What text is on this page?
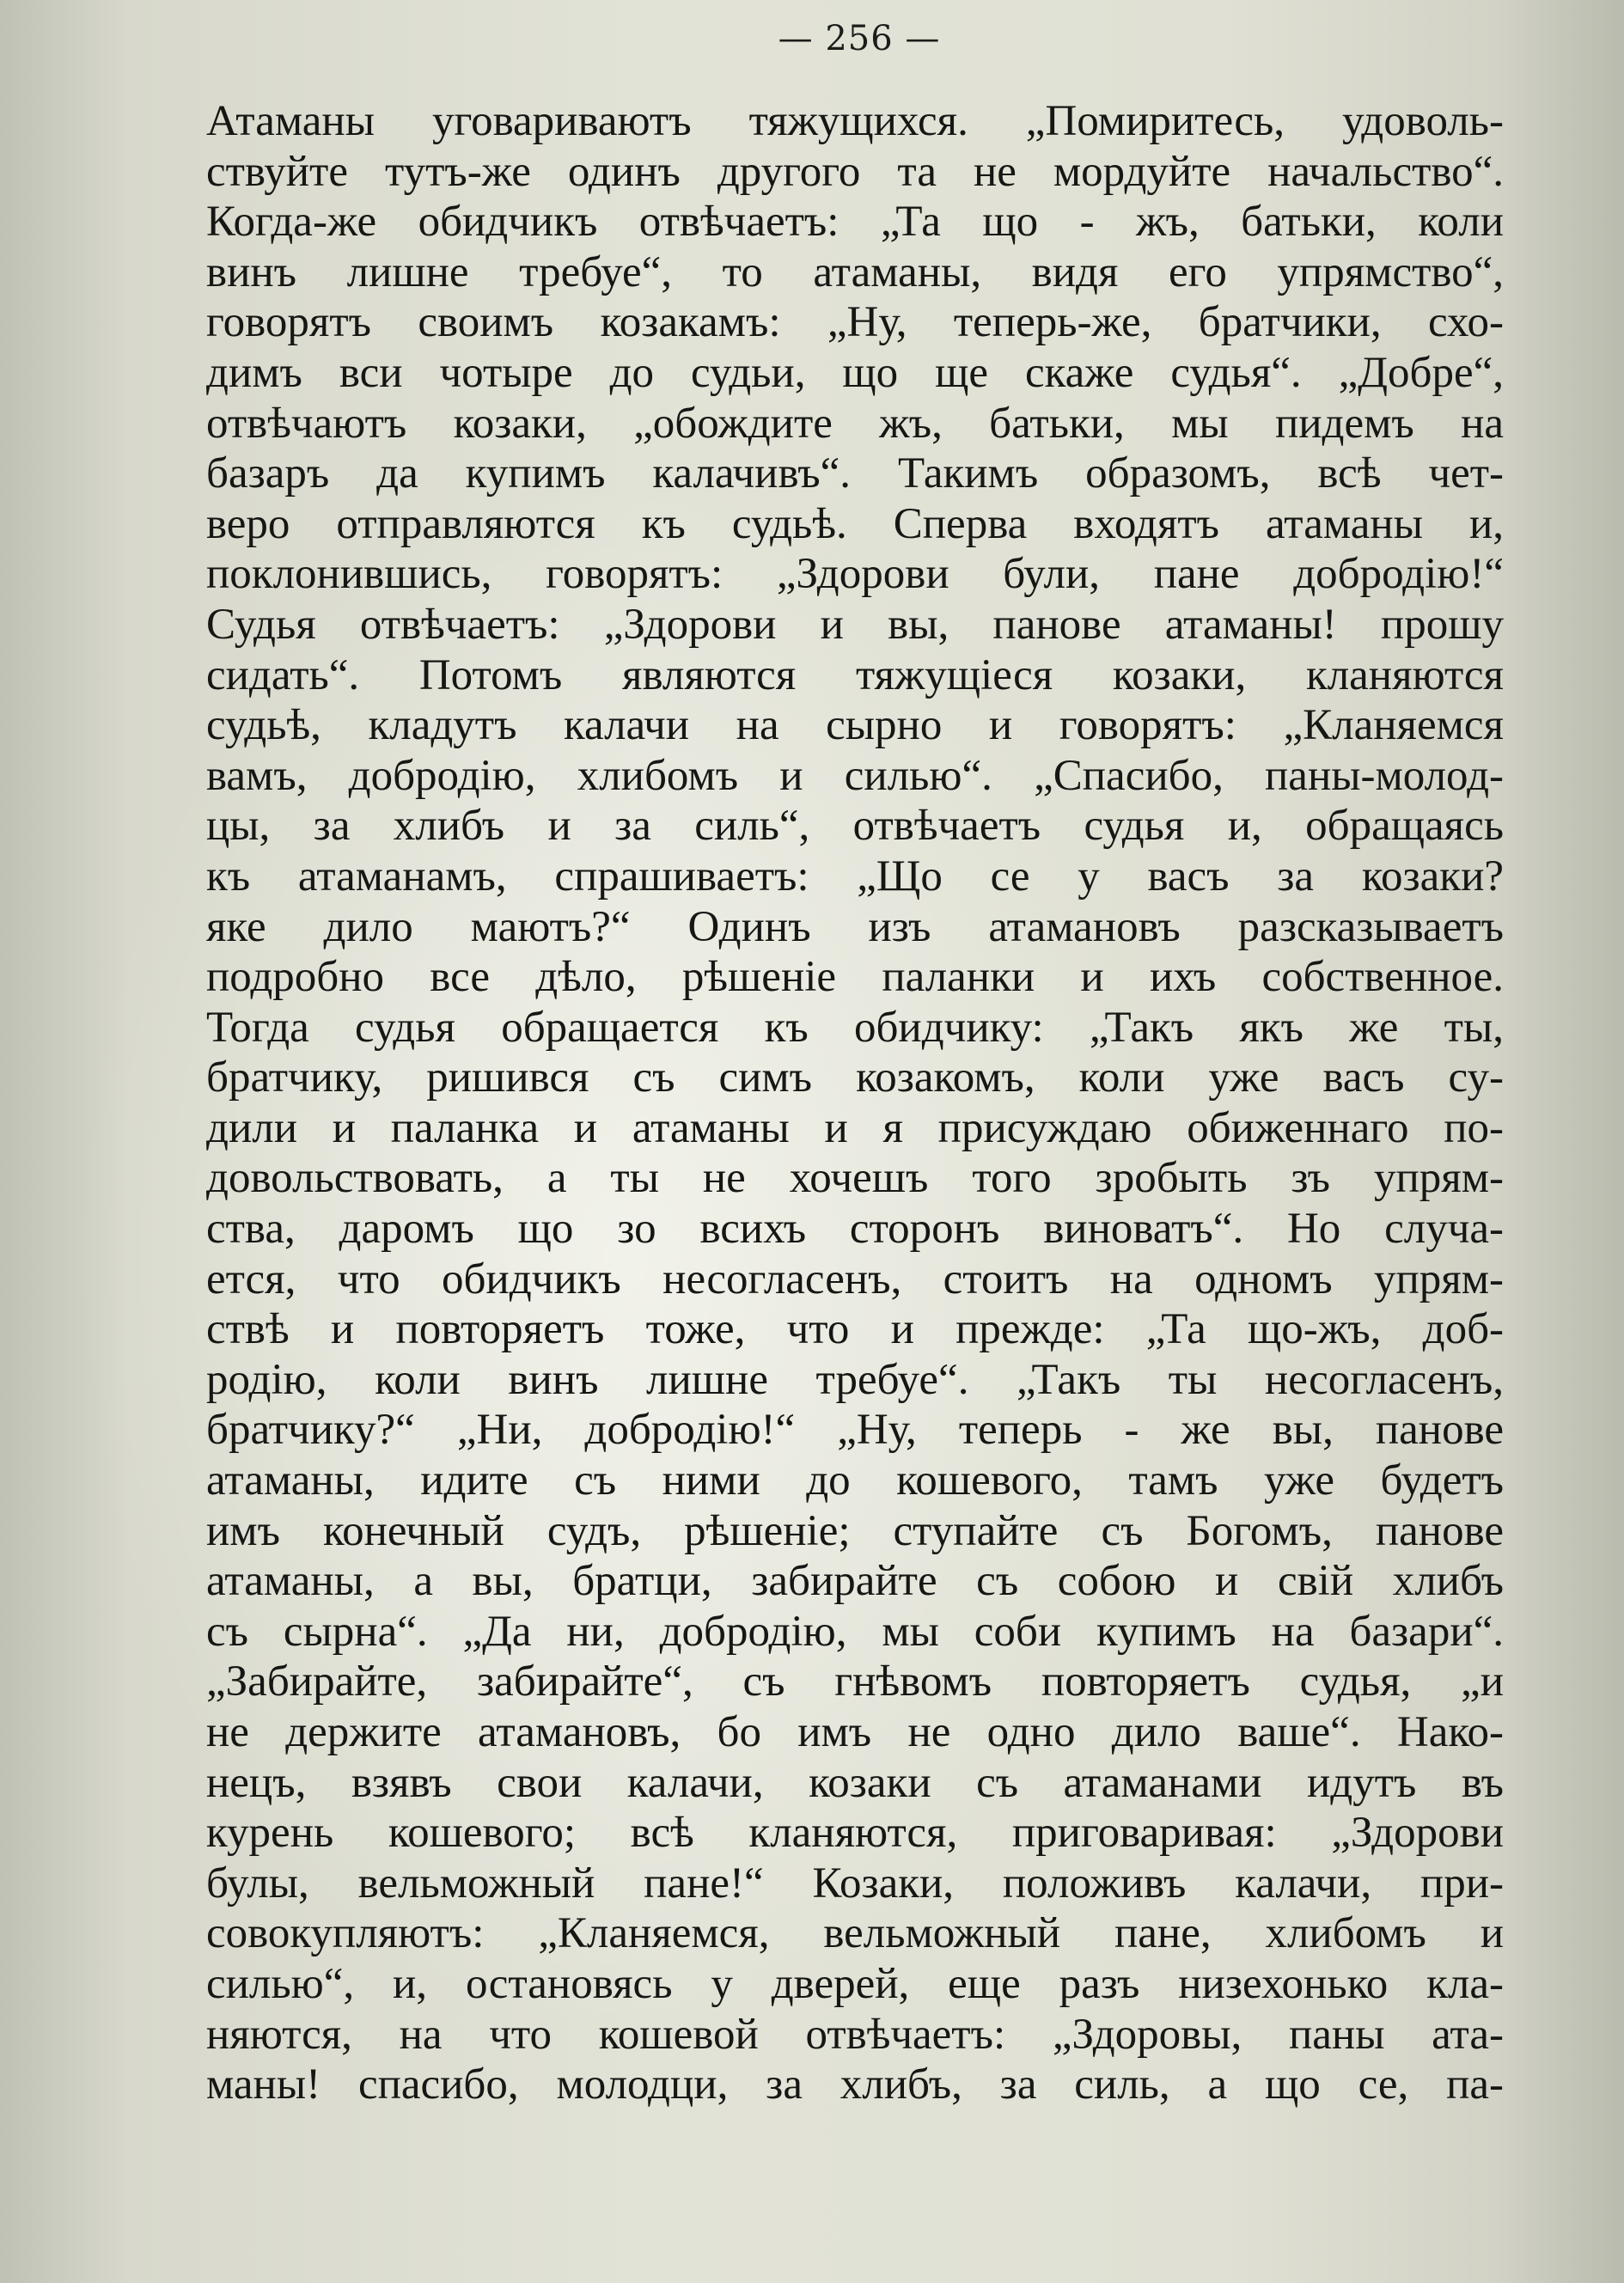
— 256 —
Атаманы уговариваютъ тяжущихся. „Помиритесь, удоволь-
ствуйте тутъ-же одинъ другого та не мордуйте начальство“.
Когда-же обидчикъ отвѣчаетъ: „Та що - жъ, батьки, коли
винъ лишне требуе“, то атаманы, видя его упрямство“,
говорятъ своимъ козакамъ: „Ну, теперь-же, братчики, схо-
димъ вси чотыре до судьи, що ще скаже судья“. „Добре“,
отвѣчаютъ козаки, „обождите жъ, батьки, мы пидемъ на
базаръ да купимъ калачивъ“. Такимъ образомъ, всѣ чет-
веро отправляются къ судьѣ. Сперва входятъ атаманы и,
поклонившись, говорятъ: „Здорови були, пане добродію!“
Судья отвѣчаетъ: „Здорови и вы, панове атаманы! прошу
сидать“. Потомъ являются тяжущіеся козаки, кланяются
судьѣ, кладутъ калачи на сырно и говорятъ: „Кланяемся
вамъ, добродію, хлибомъ и силью“. „Спасибо, паны-молод-
цы, за хлибъ и за силь“, отвѣчаетъ судья и, обращаясь
къ атаманамъ, спрашиваетъ: „Що се у васъ за козаки?
яке дило маютъ?“ Одинъ изъ атамановъ разсказываетъ
подробно все дѣло, рѣшеніе паланки и ихъ собственное.
Тогда судья обращается къ обидчику: „Такъ якъ же ты,
братчику, ришився съ симъ козакомъ, коли уже васъ су-
дили и паланка и атаманы и я присуждаю обиженнаго по-
довольствовать, а ты не хочешъ того зробыть зъ упрям-
ства, даромъ що зо всихъ сторонъ виноватъ“. Но случа-
ется, что обидчикъ несогласенъ, стоитъ на одномъ упрям-
ствѣ и повторяетъ тоже, что и прежде: „Та що-жъ, доб-
родію, коли винъ лишне требуе“. „Такъ ты несогласенъ,
братчику?“ „Ни, добродію!“ „Ну, теперь - же вы, панове
атаманы, идите съ ними до кошевого, тамъ уже будетъ
имъ конечный судъ, рѣшеніе; ступайте съ Богомъ, панове
атаманы, а вы, братци, забирайте съ собою и свій хлибъ
съ сырна“. „Да ни, добродію, мы соби купимъ на базари“.
„Забирайте, забирайте“, съ гнѣвомъ повторяетъ судья, „и
не держите атамановъ, бо имъ не одно дило ваше“. Нако-
нецъ, взявъ свои калачи, козаки съ атаманами идутъ въ
курень кошевого; всѣ кланяются, приговаривая: „Здорови
булы, вельможный пане!“ Козаки, положивъ калачи, при-
совокупляютъ: „Кланяемся, вельможный пане, хлибомъ и
силью“, и, остановясь у дверей, еще разъ низехонько кла-
няются, на что кошевой отвѣчаетъ: „Здоровы, паны ата-
маны! спасибо, молодци, за хлибъ, за силь, а що се, па-
